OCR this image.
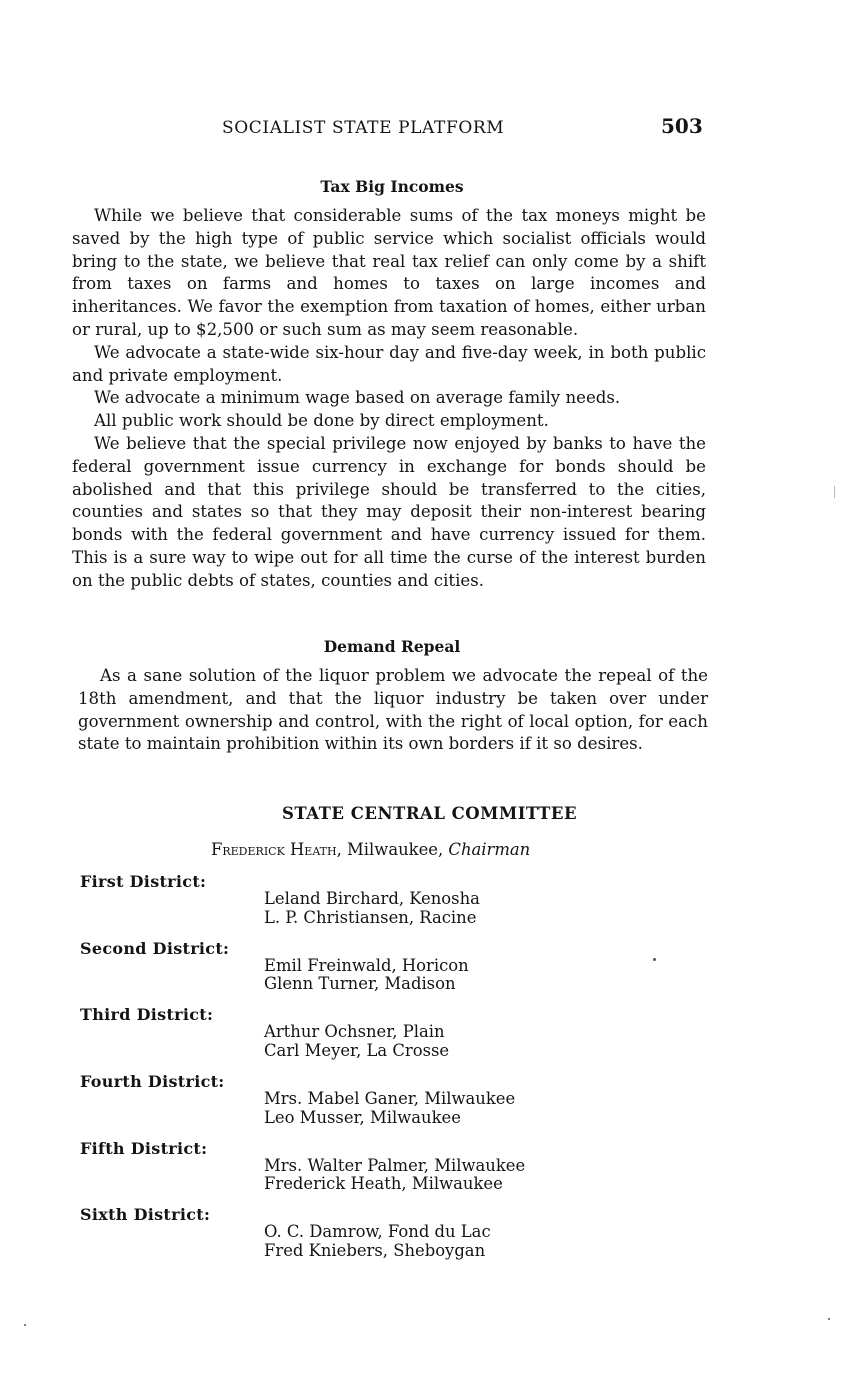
SOCIALIST STATE PLATFORM	503
Tax Big Incomes

While we believe that considerable sums of the tax moneys might be saved by the high type of public service which socialist officials would bring to the state, we believe that real tax relief can only come by a shift from taxes on farms and homes to taxes on large incomes and inheritances. We favor the exemption from taxation of homes, either urban or rural, up to $2,500 or such sum as may seem reasonable.

We advocate a state-wide six-hour day and five-day week, in both public and private employment.

We advocate a minimum wage based on average family needs.

All public work should be done by direct employment.

We believe that the special privilege now enjoyed by banks to have the federal government issue currency in exchange for bonds should be abolished and that this privilege should be transferred to the cities, counties and states so that they may deposit their non-interest bearing bonds with the federal government and have currency issued for them. This is a sure way to wipe out for all time the curse of the interest burden on the public debts of states, counties and cities.

Demand Repeal

As a sane solution of the liquor problem we advocate the repeal of the 18th amendment, and that the liquor industry be taken over under government ownership and control, with the right of local option, for each state to maintain prohibition within its own borders if it so desires.

STATE CENTRAL COMMITTEE
Frederick Heath, Milwaukee, Chairman
First District:
Leland Birchard, Kenosha
L. P. Christiansen, Racine
Second District:
Emil Freinwald, Horicon
Glenn Turner, Madison
Third District:
Arthur Ochsner, Plain
Carl Meyer, La Crosse
Fourth District:
Mrs. Mabel Ganer, Milwaukee
Leo Musser, Milwaukee
Fifth District:
Mrs. Walter Palmer, Milwaukee
Frederick Heath, Milwaukee
Sixth District:
O. C. Damrow, Fond du Lac
Fred Kniebers, Sheboygan
